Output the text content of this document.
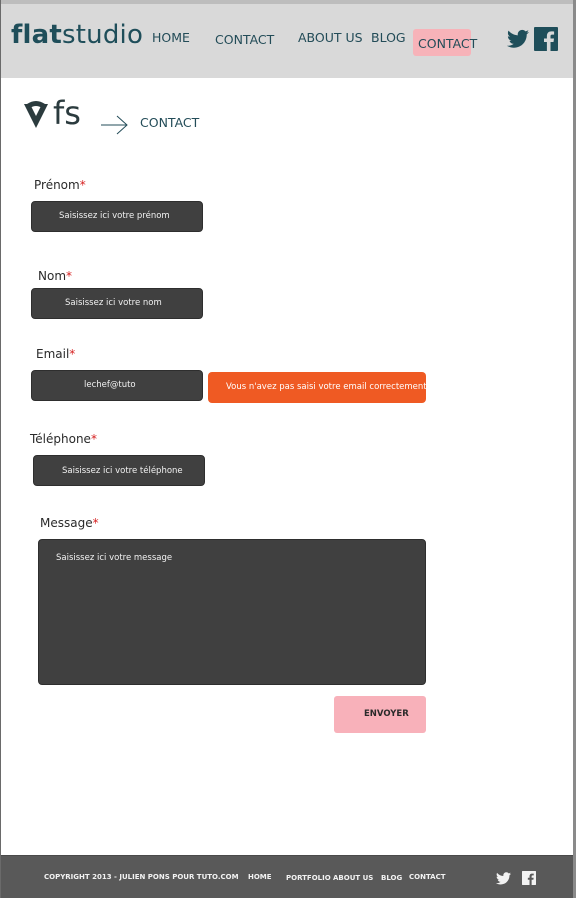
flatstudio HOME CONTACT ABOUT US BLOG CONTACT
fs	CONTACT
Prénom*
Saisissez ici votre prénom
Nom*
Saisissez ici votre nom
Email*
lechef@tuto	Vous n'avez pas saisi votre email correctement !!
Téléphone*
Saisissez ici votre téléphone
Message*
Saisissez ici votre message
ENVOYER
COPYRIGHT 2013 - JULIEN PONS POUR TUTO.COM HOME PORTFOLIO ABOUT US BLOG CONTACT
